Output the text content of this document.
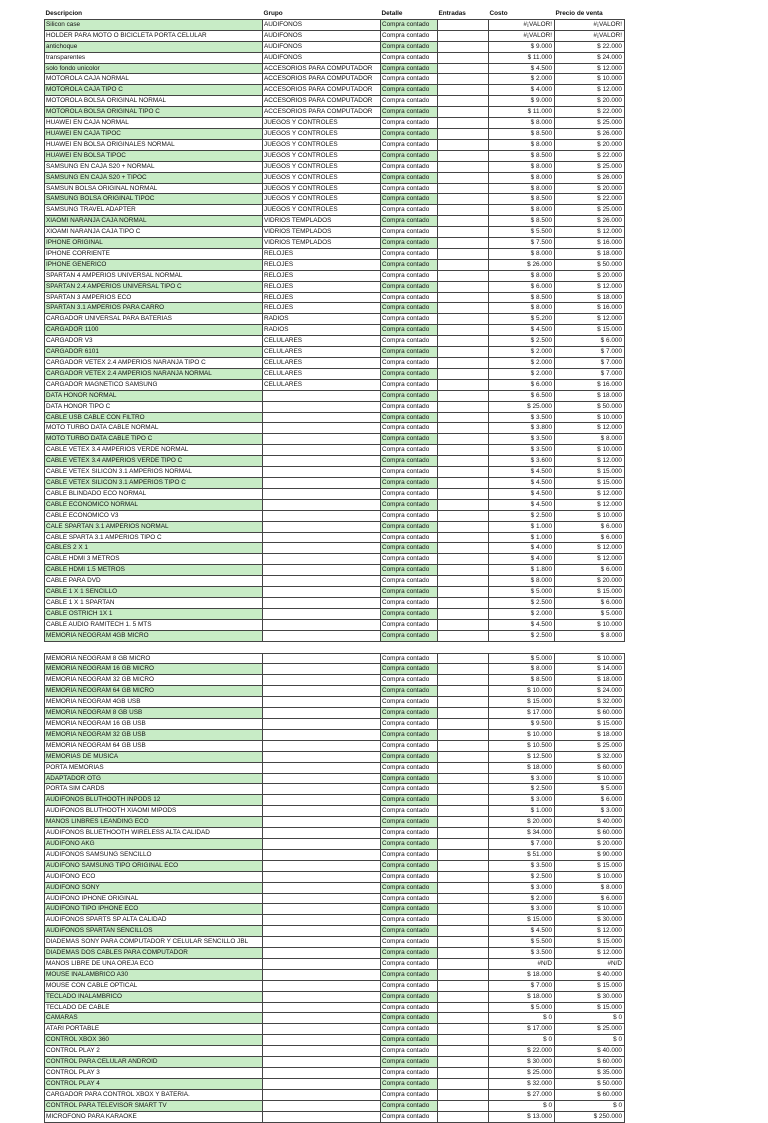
Descripcion	Grupo	Detalle	Entradas	Costo	Precio de venta
Silicon case	AUDIFONOS	Compra contado		#¡VALOR!	#¡VALOR!
HOLDER PARA MOTO O BICICLETA PORTA CELULAR	AUDIFONOS	Compra contado		#¡VALOR!	#¡VALOR!
antichoque	AUDIFONOS	Compra contado		$ 9.000	$ 22.000
transparentes	AUDIFONOS	Compra contado		$ 11.000	$ 24.000
solo fondo unicolor	ACCESORIOS PARA COMPUTADOR	Compra contado		$ 4.500	$ 12.000
MOTOROLA CAJA NORMAL	ACCESORIOS PARA COMPUTADOR	Compra contado		$ 2.000	$ 10.000
MOTOROLA CAJA TIPO C	ACCESORIOS PARA COMPUTADOR	Compra contado		$ 4.000	$ 12.000
MOTOROLA BOLSA ORIGINAL NORMAL	ACCESORIOS PARA COMPUTADOR	Compra contado		$ 9.000	$ 20.000
MOTOROLA BOLSA ORIGINAL TIPO C	ACCESORIOS PARA COMPUTADOR	Compra contado		$ 11.000	$ 22.000
HUAWEI EN CAJA NORMAL	JUEGOS Y CONTROLES	Compra contado		$ 8.000	$ 25.000
HUAWEI EN CAJA TIPOC	JUEGOS Y CONTROLES	Compra contado		$ 8.500	$ 26.000
HUAWEI EN BOLSA ORIGINALES NORMAL	JUEGOS Y CONTROLES	Compra contado		$ 8.000	$ 20.000
HUAWEI EN BOLSA TIPOC	JUEGOS Y CONTROLES	Compra contado		$ 8.500	$ 22.000
SAMSUNG EN CAJA S20 + NORMAL	JUEGOS Y CONTROLES	Compra contado		$ 8.000	$ 25.000
SAMSUNG EN CAJA S20 + TIPOC	JUEGOS Y CONTROLES	Compra contado		$ 8.000	$ 26.000
SAMSUN BOLSA ORIGINAL NORMAL	JUEGOS Y CONTROLES	Compra contado		$ 8.000	$ 20.000
SAMSUNG BOLSA ORIGINAL TIPOC	JUEGOS Y CONTROLES	Compra contado		$ 8.500	$ 22.000
SAMSUNG TRAVEL ADAPTER	JUEGOS Y CONTROLES	Compra contado		$ 8.000	$ 25.000
XIAOMI NARANJA CAJA NORMAL	VIDRIOS TEMPLADOS	Compra contado		$ 8.500	$ 26.000
XIOAMI NARANJA CAJA TIPO C	VIDRIOS TEMPLADOS	Compra contado		$ 5.500	$ 12.000
IPHONE ORIGINAL	VIDRIOS TEMPLADOS	Compra contado		$ 7.500	$ 16.000
IPHONE CORRIENTE	RELOJES	Compra contado		$ 8.000	$ 18.000
IPHONE GENERICO	RELOJES	Compra contado		$ 26.000	$ 50.000
SPARTAN 4 AMPERIOS UNIVERSAL NORMAL	RELOJES	Compra contado		$ 8.000	$ 20.000
SPARTAN 2.4 AMPERIOS UNIVERSAL TIPO C	RELOJES	Compra contado		$ 6.000	$ 12.000
SPARTAN 3 AMPERIOS ECO	RELOJES	Compra contado		$ 8.500	$ 18.000
SPARTAN 3.1 AMPERIOS PARA CARRO	RELOJES	Compra contado		$ 8.000	$ 16.000
CARGADOR UNIVERSAL PARA BATERIAS	RADIOS	Compra contado		$ 5.200	$ 12.000
CARGADOR 1100	RADIOS	Compra contado		$ 4.500	$ 15.000
CARGADOR V3	CELULARES	Compra contado		$ 2.500	$ 6.000
CARGADOR 6101	CELULARES	Compra contado		$ 2.000	$ 7.000
CARGADOR VETEX 2.4 AMPERIOS NARANJA TIPO C	CELULARES	Compra contado		$ 2.000	$ 7.000
CARGADOR VETEX 2.4 AMPERIOS NARANJA NORMAL	CELULARES	Compra contado		$ 2.000	$ 7.000
CARGADOR MAGNETICO SAMSUNG	CELULARES	Compra contado		$ 6.000	$ 16.000
DATA HONOR NORMAL		Compra contado		$ 6.500	$ 18.000
DATA HONOR TIPO C		Compra contado		$ 25.000	$ 50.000
CABLE USB CABLE CON FILTRO		Compra contado		$ 3.500	$ 10.000
MOTO TURBO DATA CABLE NORMAL		Compra contado		$ 3.800	$ 12.000
MOTO TURBO DATA CABLE TIPO C		Compra contado		$ 3.500	$ 8.000
CABLE VETEX 3.4 AMPERIOS VERDE NORMAL		Compra contado		$ 3.500	$ 10.000
CABLE VETEX 3.4 AMPERIOS VERDE TIPO C		Compra contado		$ 3.600	$ 12.000
CABLE VETEX SILICON 3.1 AMPERIOS NORMAL		Compra contado		$ 4.500	$ 15.000
CABLE VETEX SILICON 3.1 AMPERIOS TIPO C		Compra contado		$ 4.500	$ 15.000
CABLE BLINDADO ECO NORMAL		Compra contado		$ 4.500	$ 12.000
CABLE ECONOMICO NORMAL		Compra contado		$ 4.500	$ 12.000
CABLE ECONOMICO V3		Compra contado		$ 2.500	$ 10.000
CALE SPARTAN 3.1 AMPERIOS NORMAL		Compra contado		$ 1.000	$ 6.000
CABLE SPARTA 3.1 AMPERIOS TIPO C		Compra contado		$ 1.000	$ 6.000
CABLES 2 X 1		Compra contado		$ 4.000	$ 12.000
CABLE HDMI 3 METROS		Compra contado		$ 4.000	$ 12.000
CABLE HDMI 1.5 METROS		Compra contado		$ 1.800	$ 6.000
CABLE PARA DVD		Compra contado		$ 8.000	$ 20.000
CABLE 1 X 1 SENCILLO		Compra contado		$ 5.000	$ 15.000
CABLE 1 X 1 SPARTAN		Compra contado		$ 2.500	$ 6.000
CABLE OSTRICH 1X 1		Compra contado		$ 2.000	$ 5.000
CABLE AUDIO RAMITECH 1. 5 MTS		Compra contado		$ 4.500	$ 10.000
MEMORIA NEOGRAM 4GB MICRO		Compra contado		$ 2.500	$ 8.000

MEMORIA NEOGRAM 8 GB MICRO		Compra contado		$ 5.000	$ 10.000
MEMORIA NEOGRAM 16 GB MICRO		Compra contado		$ 8.000	$ 14.000
MEMORIA NEOGRAM 32 GB MICRO		Compra contado		$ 8.500	$ 18.000
MEMORIA NEOGRAM 64 GB MICRO		Compra contado		$ 10.000	$ 24.000
MEMORIA NEOGRAM 4GB USB		Compra contado		$ 15.000	$ 32.000
MEMORIA NEOGRAM 8 GB USB		Compra contado		$ 17.000	$ 60.000
MEMORIA NEOGRAM 16 GB USB		Compra contado		$ 9.500	$ 15.000
MEMORIA NEOGRAM 32 GB USB		Compra contado		$ 10.000	$ 18.000
MEMORIA NEOGRAM 64 GB USB		Compra contado		$ 10.500	$ 25.000
MEMORIAS DE MUSICA		Compra contado		$ 12.500	$ 32.000
PORTA MEMORIAS		Compra contado		$ 18.000	$ 60.000
ADAPTADOR OTG		Compra contado		$ 3.000	$ 10.000
PORTA SIM CARDS		Compra contado		$ 2.500	$ 5.000
AUDIFONOS BLUTHOOTH INPODS 12		Compra contado		$ 3.000	$ 6.000
AUDIFONOS BLUTHOOTH XIAOMI MIPODS		Compra contado		$ 1.000	$ 3.000
MANOS LINBRES LEANDING ECO		Compra contado		$ 20.000	$ 40.000
AUDIFONOS BLUETHOOTH WIRELESS ALTA CALIDAD		Compra contado		$ 34.000	$ 60.000
AUDIFONO AKG		Compra contado		$ 7.000	$ 20.000
AUDIFONOS SAMSUNG SENCILLO		Compra contado		$ 51.000	$ 90.000
AUDIFONO SAMSUNG TIPO ORIGINAL ECO		Compra contado		$ 3.500	$ 15.000
AUDIFONO ECO		Compra contado		$ 2.500	$ 10.000
AUDIFONO SONY		Compra contado		$ 3.000	$ 8.000
AUDIFONO IPHONE ORIGINAL		Compra contado		$ 2.000	$ 6.000
AUDIFONO TIPO IPHONE ECO		Compra contado		$ 3.000	$ 10.000
AUDIFONOS SPARTS SP ALTA CALIDAD		Compra contado		$ 15.000	$ 30.000
AUDIFONOS SPARTAN SENCILLOS		Compra contado		$ 4.500	$ 12.000
DIADEMAS SONY PARA COMPUTADOR Y CELULAR SENCILLO JBL		Compra contado		$ 5.500	$ 15.000
DIADEMAS DOS CABLES PARA COMPUTADOR		Compra contado		$ 3.500	$ 12.000
MANOS LIBRE DE UNA OREJA ECO		Compra contado		#N/D	#N/D
MOUSE INALAMBRICO A30		Compra contado		$ 18.000	$ 40.000
MOUSE CON CABLE OPTICAL		Compra contado		$ 7.000	$ 15.000
TECLADO INALAMBRICO		Compra contado		$ 18.000	$ 30.000
TECLADO DE CABLE		Compra contado		$ 5.000	$ 15.000
CAMARAS		Compra contado		$ 0	$ 0
ATARI PORTABLE		Compra contado		$ 17.000	$ 25.000
CONTROL XBOX 360		Compra contado		$ 0	$ 0
CONTROL PLAY 2		Compra contado		$ 22.000	$ 40.000
CONTROL PARA CELULAR ANDROID		Compra contado		$ 30.000	$ 60.000
CONTROL PLAY 3		Compra contado		$ 25.000	$ 35.000
CONTROL PLAY 4		Compra contado		$ 32.000	$ 50.000
CARGADOR PARA CONTROL XBOX Y BATERIA.		Compra contado		$ 27.000	$ 60.000
CONTROL PARA TELEVISOR SMART TV		Compra contado		$ 0	$ 0
MICROFONO PARA KARAOKE		Compra contado		$ 13.000	$ 250.000
